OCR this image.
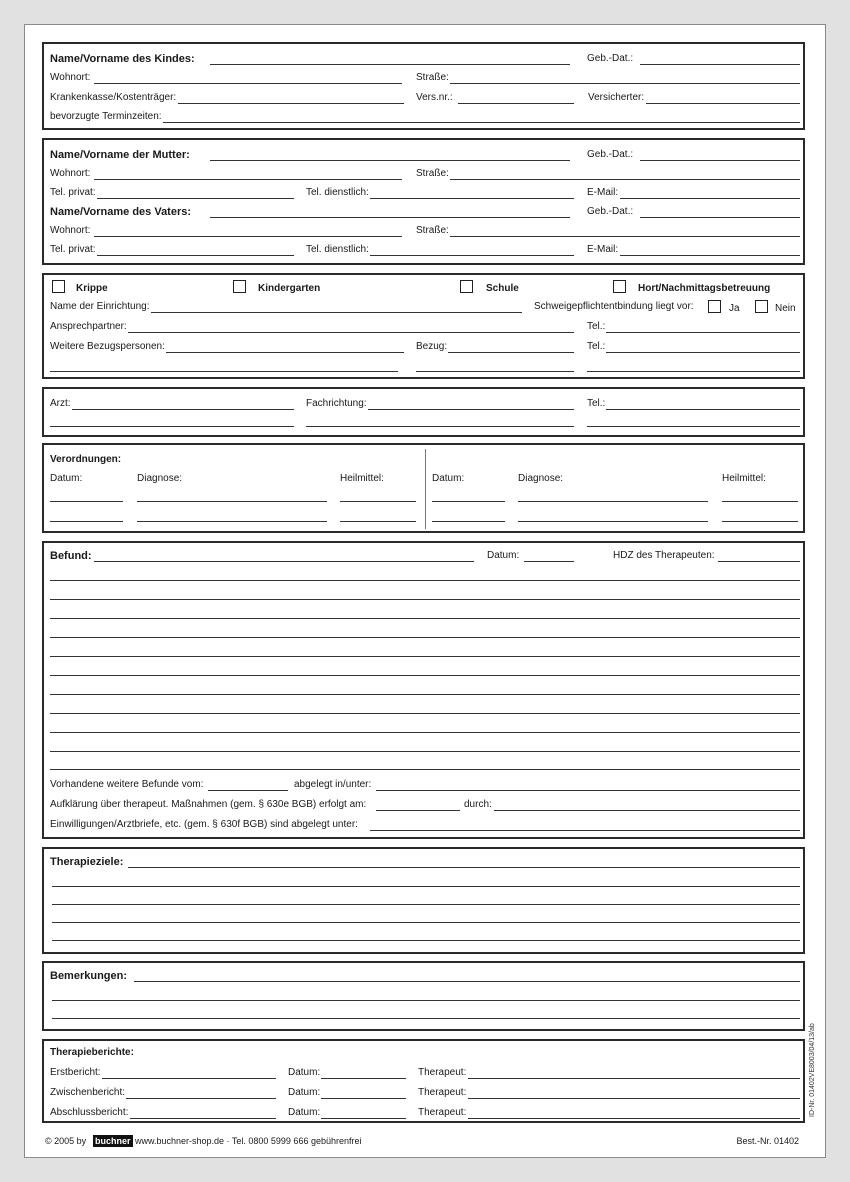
Name/Vorname des Kindes:	Geb.-Dat.:
Wohnort:	Straße:
Krankenkasse/Kostenträger:	Vers.nr.:	Versicherter:
bevorzugte Terminzeiten:
Name/Vorname der Mutter:	Geb.-Dat.:
Wohnort:	Straße:
Tel. privat:	Tel. dienstlich:	E-Mail:
Name/Vorname des Vaters:	Geb.-Dat.:
Wohnort:	Straße:
Tel. privat:	Tel. dienstlich:	E-Mail:
Krippe	Kindergarten	Schule	Hort/Nachmittagsbetreuung
Name der Einrichtung:	Schweigepflichtentbindung liegt vor:	Ja	Nein
Ansprechpartner:	Tel.:
Weitere Bezugspersonen:	Bezug:	Tel.:
Arzt:	Fachrichtung:	Tel.:
Verordnungen:
Datum:	Diagnose:	Heilmittel:	Datum:	Diagnose:	Heilmittel:
Befund:	Datum:	HDZ des Therapeuten:
Vorhandene weitere Befunde vom:	abgelegt in/unter:
Aufklärung über therapeut. Maßnahmen (gem. § 630e BGB) erfolgt am:	durch:
Einwilligungen/Arztbriefe, etc. (gem. § 630f BGB) sind abgelegt unter:
Therapieziele:
Bemerkungen:
Therapieberichte:
Erstbericht:	Datum:	Therapeut:
Zwischenbericht:	Datum:	Therapeut:
Abschlussbericht:	Datum:	Therapeut:	ID-Nr. 01402VE8003/04/13/ab
© 2005 by buchner www.buchner-shop.de · Tel. 0800 5999 666 gebührenfrei	Best.-Nr. 01402
